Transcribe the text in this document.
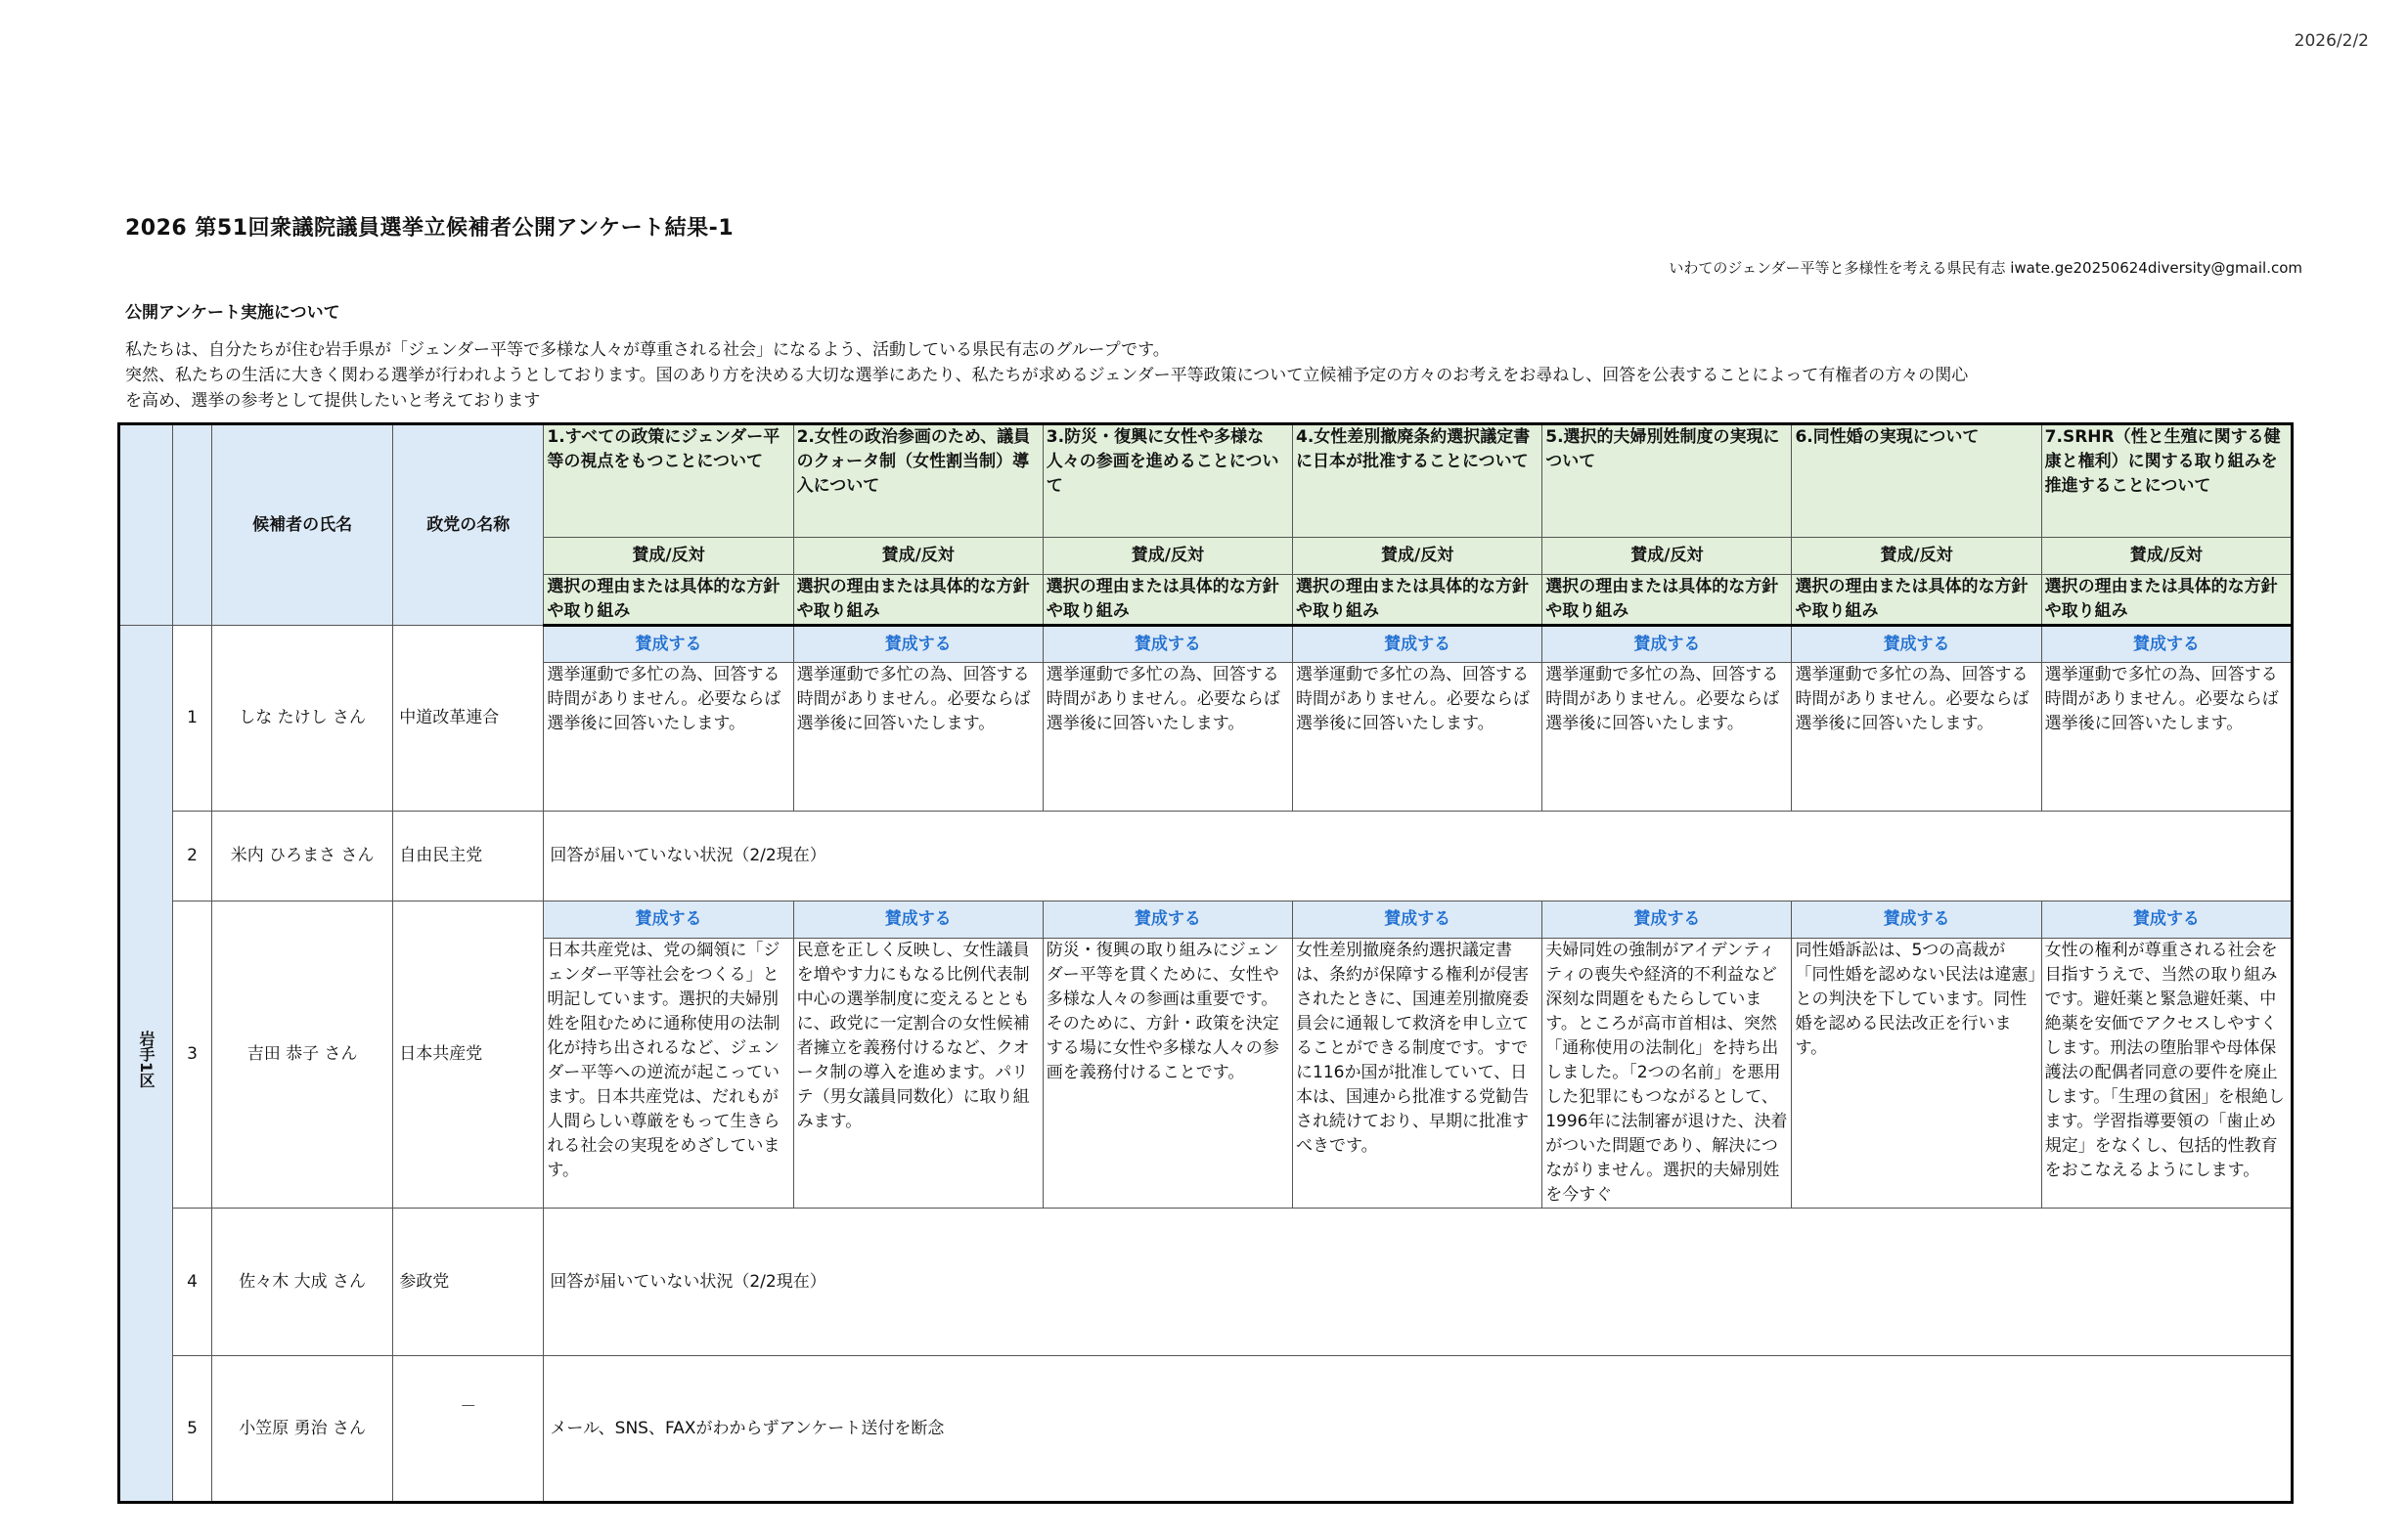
2026/2/2
2026 第51回衆議院議員選挙立候補者公開アンケート結果-1
いわてのジェンダー平等と多様性を考える県民有志 iwate.ge20250624diversity@gmail.com
公開アンケート実施について

私たちは、自分たちが住む岩手県が「ジェンダー平等で多様な人々が尊重される社会」になるよう、活動している県民有志のグループです。

突然、私たちの生活に大きく関わる選挙が行われようとしております。国のあり方を決める大切な選挙にあたり、私たちが求めるジェンダー平等政策について立候補予定の方々のお考えをお尋ねし、回答を公表することによって有権者の方々の関心

を高め、選挙の参考として提供したいと考えております

		候補者の氏名	政党の名称	1.すべての政策にジェンダー平等の視点をもつことについて	2.女性の政治参画のため、議員のクォータ制（女性割当制）導入について	3.防災・復興に女性や多様な人々の参画を進めることについて	4.女性差別撤廃条約選択議定書に日本が批准することについて	5.選択的夫婦別姓制度の実現について	6.同性婚の実現について	7.SRHR（性と生殖に関する健康と権利）に関する取り組みを推進することについて
				賛成/反対	賛成/反対	賛成/反対	賛成/反対	賛成/反対	賛成/反対	賛成/反対
				選択の理由または具体的な方針や取り組み	選択の理由または具体的な方針や取り組み	選択の理由または具体的な方針や取り組み	選択の理由または具体的な方針や取り組み	選択の理由または具体的な方針や取り組み	選択の理由または具体的な方針や取り組み	選択の理由または具体的な方針や取り組み
岩手1区	1	しな たけし さん	中道改革連合	賛成する	賛成する	賛成する	賛成する	賛成する	賛成する	賛成する
				選挙運動で多忙の為、回答する時間がありません。必要ならば選挙後に回答いたします。	選挙運動で多忙の為、回答する時間がありません。必要ならば選挙後に回答いたします。	選挙運動で多忙の為、回答する時間がありません。必要ならば選挙後に回答いたします。	選挙運動で多忙の為、回答する時間がありません。必要ならば選挙後に回答いたします。	選挙運動で多忙の為、回答する時間がありません。必要ならば選挙後に回答いたします。	選挙運動で多忙の為、回答する時間がありません。必要ならば選挙後に回答いたします。	選挙運動で多忙の為、回答する時間がありません。必要ならば選挙後に回答いたします。
	2	米内 ひろまさ さん	自由民主党	回答が届いていない状況（2/2現在）						
	3	吉田 恭子 さん	日本共産党	賛成する	賛成する	賛成する	賛成する	賛成する	賛成する	賛成する
				日本共産党は、党の綱領に「ジェンダー平等社会をつくる」と明記しています。選択的夫婦別姓を阻むために通称使用の法制化が持ち出されるなど、ジェンダー平等への逆流が起こっています。日本共産党は、だれもが人間らしい尊厳をもって生きられる社会の実現をめざしています。	民意を正しく反映し、女性議員を増やす力にもなる比例代表制中心の選挙制度に変えるとともに、政党に一定割合の女性候補者擁立を義務付けるなど、クオータ制の導入を進めます。パリテ（男女議員同数化）に取り組みます。	防災・復興の取り組みにジェンダー平等を貫くために、女性や多様な人々の参画は重要です。そのために、方針・政策を決定する場に女性や多様な人々の参画を義務付けることです。	女性差別撤廃条約選択議定書は、条約が保障する権利が侵害されたときに、国連差別撤廃委員会に通報して救済を申し立てることができる制度です。すでに116か国が批准していて、日本は、国連から批准する党勧告され続けており、早期に批准すべきです。	夫婦同姓の強制がアイデンティティの喪失や経済的不利益など深刻な問題をもたらしています。ところが高市首相は、突然「通称使用の法制化」を持ち出しました。「2つの名前」を悪用した犯罪にもつながるとして、1996年に法制審が退けた、決着がついた問題であり、解決につながりません。選択的夫婦別姓を今すぐ	同性婚訴訟は、5つの高裁が「同性婚を認めない民法は違憲」との判決を下しています。同性婚を認める民法改正を行います。	女性の権利が尊重される社会を目指すうえで、当然の取り組みです。避妊薬と緊急避妊薬、中絶薬を安価でアクセスしやすくします。刑法の堕胎罪や母体保護法の配偶者同意の要件を廃止します。「生理の貧困」を根絶します。学習指導要領の「歯止め規定」をなくし、包括的性教育をおこなえるようにします。
	4	佐々木 大成 さん	参政党	回答が届いていない状況（2/2現在）						
	5	小笠原 勇治 さん	－	メール、SNS、FAXがわからずアンケート送付を断念						
